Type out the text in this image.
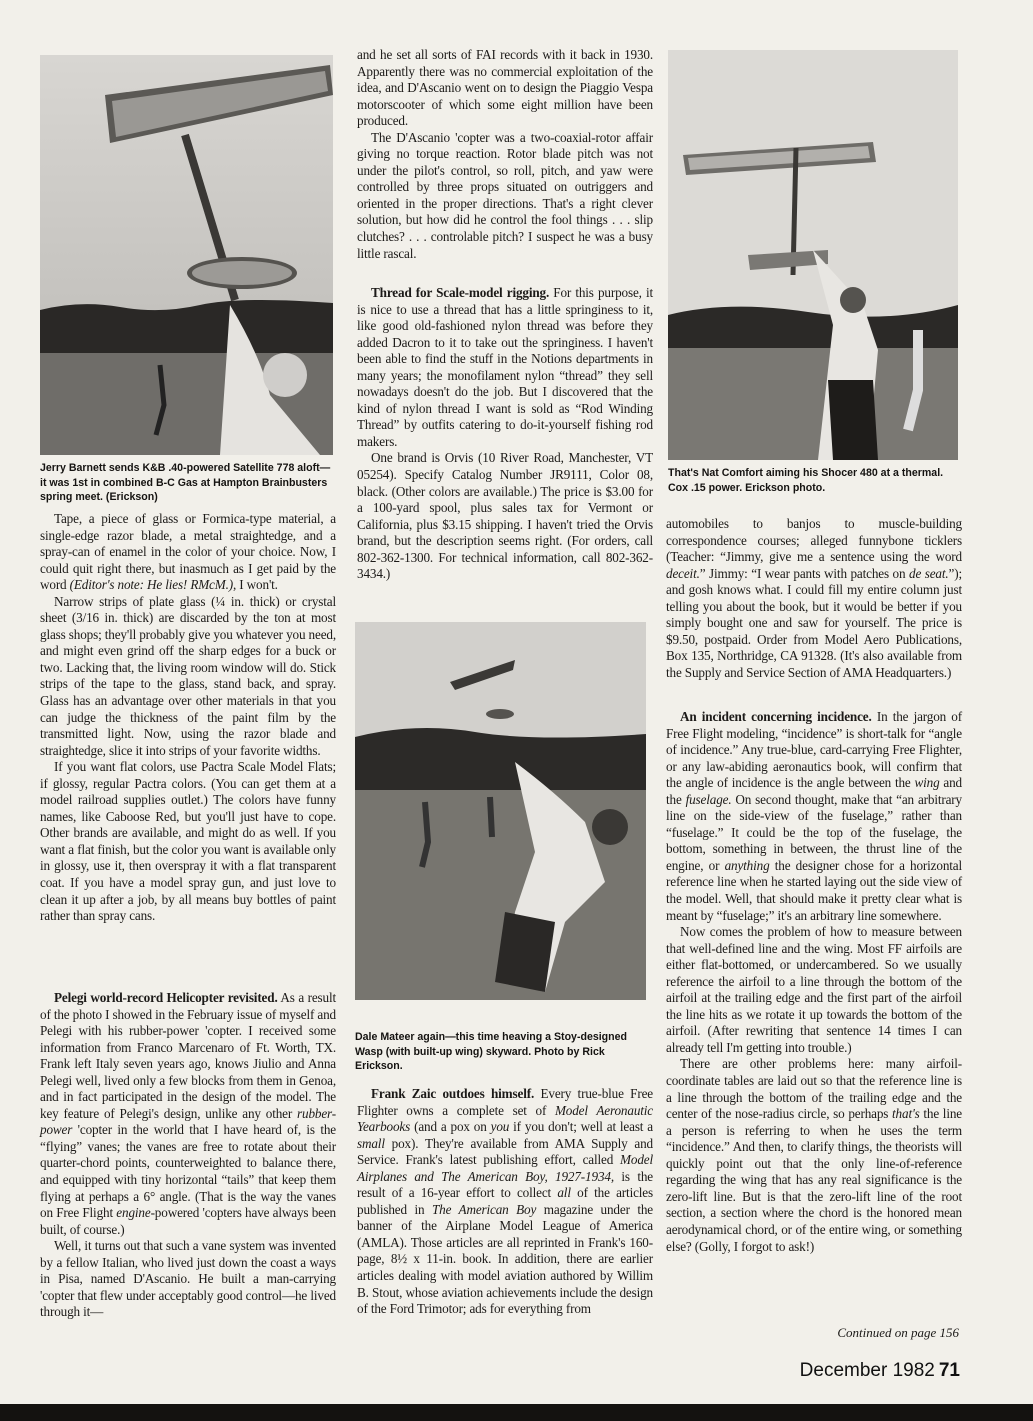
Jerry Barnett sends K&B .40-powered Satellite 778 aloft—it was 1st in combined B-C Gas at Hampton Brainbusters spring meet. (Erickson)
Dale Mateer again—this time heaving a Stoy-designed Wasp (with built-up wing) skyward. Photo by Rick Erickson.
That's Nat Comfort aiming his Shocer 480 at a thermal. Cox .15 power. Erickson photo.

Tape, a piece of glass or Formica-type material, a single-edge razor blade, a metal straightedge, and a spray-can of enamel in the color of your choice. Now, I could quit right there, but inasmuch as I get paid by the word (Editor's note: He lies! RMcM.), I won't.

Narrow strips of plate glass (¼ in. thick) or crystal sheet (3/16 in. thick) are discarded by the ton at most glass shops; they'll probably give you whatever you need, and might even grind off the sharp edges for a buck or two. Lacking that, the living room window will do. Stick strips of the tape to the glass, stand back, and spray. Glass has an advantage over other materials in that you can judge the thickness of the paint film by the transmitted light. Now, using the razor blade and straightedge, slice it into strips of your favorite widths.

If you want flat colors, use Pactra Scale Model Flats; if glossy, regular Pactra colors. (You can get them at a model railroad supplies outlet.) The colors have funny names, like Caboose Red, but you'll just have to cope. Other brands are available, and might do as well. If you want a flat finish, but the color you want is available only in glossy, use it, then overspray it with a flat transparent coat. If you have a model spray gun, and just love to clean it up after a job, by all means buy bottles of paint rather than spray cans.

Pelegi world-record Helicopter revisited. As a result of the photo I showed in the February issue of myself and Pelegi with his rubber-power 'copter. I received some information from Franco Marcenaro of Ft. Worth, TX. Frank left Italy seven years ago, knows Jiulio and Anna Pelegi well, lived only a few blocks from them in Genoa, and in fact participated in the design of the model. The key feature of Pelegi's design, unlike any other rubber-power 'copter in the world that I have heard of, is the “flying” vanes; the vanes are free to rotate about their quarter-chord points, counterweighted to balance there, and equipped with tiny horizontal “tails” that keep them flying at perhaps a 6° angle. (That is the way the vanes on Free Flight engine-powered 'copters have always been built, of course.)

Well, it turns out that such a vane system was invented by a fellow Italian, who lived just down the coast a ways in Pisa, named D'Ascanio. He built a man-carrying 'copter that flew under acceptably good control—he lived through it—

and he set all sorts of FAI records with it back in 1930. Apparently there was no commercial exploitation of the idea, and D'Ascanio went on to design the Piaggio Vespa motorscooter of which some eight million have been produced.

The D'Ascanio 'copter was a two-coaxial-rotor affair giving no torque reaction. Rotor blade pitch was not under the pilot's control, so roll, pitch, and yaw were controlled by three props situated on outriggers and oriented in the proper directions. That's a right clever solution, but how did he control the fool things . . . slip clutches? . . . controlable pitch? I suspect he was a busy little rascal.

Thread for Scale-model rigging. For this purpose, it is nice to use a thread that has a little springiness to it, like good old-fashioned nylon thread was before they added Dacron to it to take out the springiness. I haven't been able to find the stuff in the Notions departments in many years; the monofilament nylon “thread” they sell nowadays doesn't do the job. But I discovered that the kind of nylon thread I want is sold as “Rod Winding Thread” by outfits catering to do-it-yourself fishing rod makers.

One brand is Orvis (10 River Road, Manchester, VT 05254). Specify Catalog Number JR9111, Color 08, black. (Other colors are available.) The price is $3.00 for a 100-yard spool, plus sales tax for Vermont or California, plus $3.15 shipping. I haven't tried the Orvis brand, but the description seems right. (For orders, call 802-362-1300. For technical information, call 802-362-3434.)

Frank Zaic outdoes himself. Every true-blue Free Flighter owns a complete set of Model Aeronautic Yearbooks (and a pox on you if you don't; well at least a small pox). They're available from AMA Supply and Service. Frank's latest publishing effort, called Model Airplanes and The American Boy, 1927-1934, is the result of a 16-year effort to collect all of the articles published in The American Boy magazine under the banner of the Airplane Model League of America (AMLA). Those articles are all reprinted in Frank's 160-page, 8½ x 11-in. book. In addition, there are earlier articles dealing with model aviation authored by Willim B. Stout, whose aviation achievements include the design of the Ford Trimotor; ads for everything from

automobiles to banjos to muscle-building correspondence courses; alleged funnybone ticklers (Teacher: “Jimmy, give me a sentence using the word deceit.” Jimmy: “I wear pants with patches on de seat.”); and gosh knows what. I could fill my entire column just telling you about the book, but it would be better if you simply bought one and saw for yourself. The price is $9.50, postpaid. Order from Model Aero Publications, Box 135, Northridge, CA 91328. (It's also available from the Supply and Service Section of AMA Headquarters.)

An incident concerning incidence. In the jargon of Free Flight modeling, “incidence” is short-talk for “angle of incidence.” Any true-blue, card-carrying Free Flighter, or any law-abiding aeronautics book, will confirm that the angle of incidence is the angle between the wing and the fuselage. On second thought, make that “an arbitrary line on the side-view of the fuselage,” rather than “fuselage.” It could be the top of the fuselage, the bottom, something in between, the thrust line of the engine, or anything the designer chose for a horizontal reference line when he started laying out the side view of the model. Well, that should make it pretty clear what is meant by “fuselage;” it's an arbitrary line somewhere.

Now comes the problem of how to measure between that well-defined line and the wing. Most FF airfoils are either flat-bottomed, or undercambered. So we usually reference the airfoil to a line through the bottom of the airfoil at the trailing edge and the first part of the airfoil the line hits as we rotate it up towards the bottom of the airfoil. (After rewriting that sentence 14 times I can already tell I'm getting into trouble.)

There are other problems here: many airfoil-coordinate tables are laid out so that the reference line is a line through the bottom of the trailing edge and the center of the nose-radius circle, so perhaps that's the line a person is referring to when he uses the term “incidence.” And then, to clarify things, the theorists will quickly point out that the only line-of-reference regarding the wing that has any real significance is the zero-lift line. But is that the zero-lift line of the root section, a section where the chord is the honored mean aerodynamical chord, or of the entire wing, or something else? (Golly, I forgot to ask!)

Continued on page 156
December 1982 71
